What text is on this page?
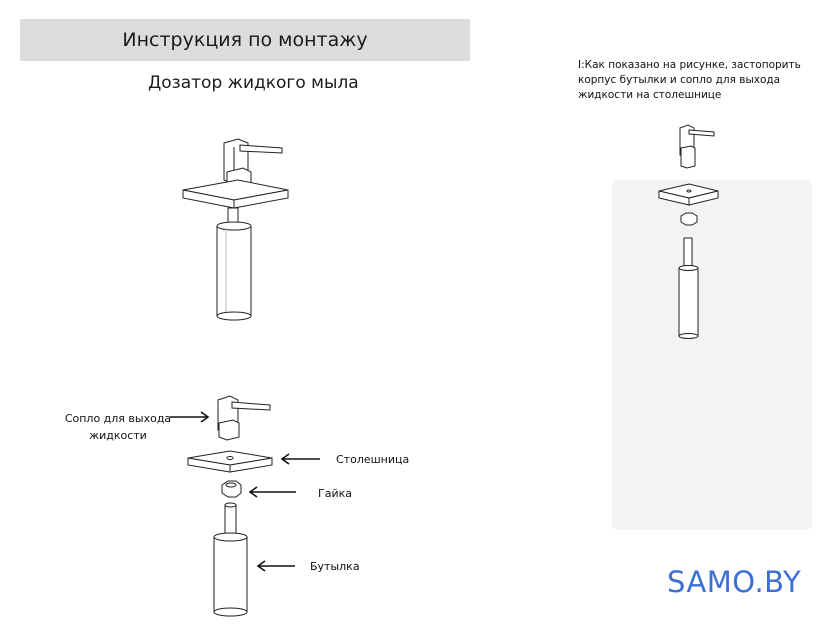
Инструкция по монтажу
Дозатор жидкого мыла
I:Как показано на рисунке, застопорить корпус бутылки и сопло для выхода жидкости на столешнице
Сопло для выхода жидкости
Столешница
Гайка
Бутылка	SAMO.BY
